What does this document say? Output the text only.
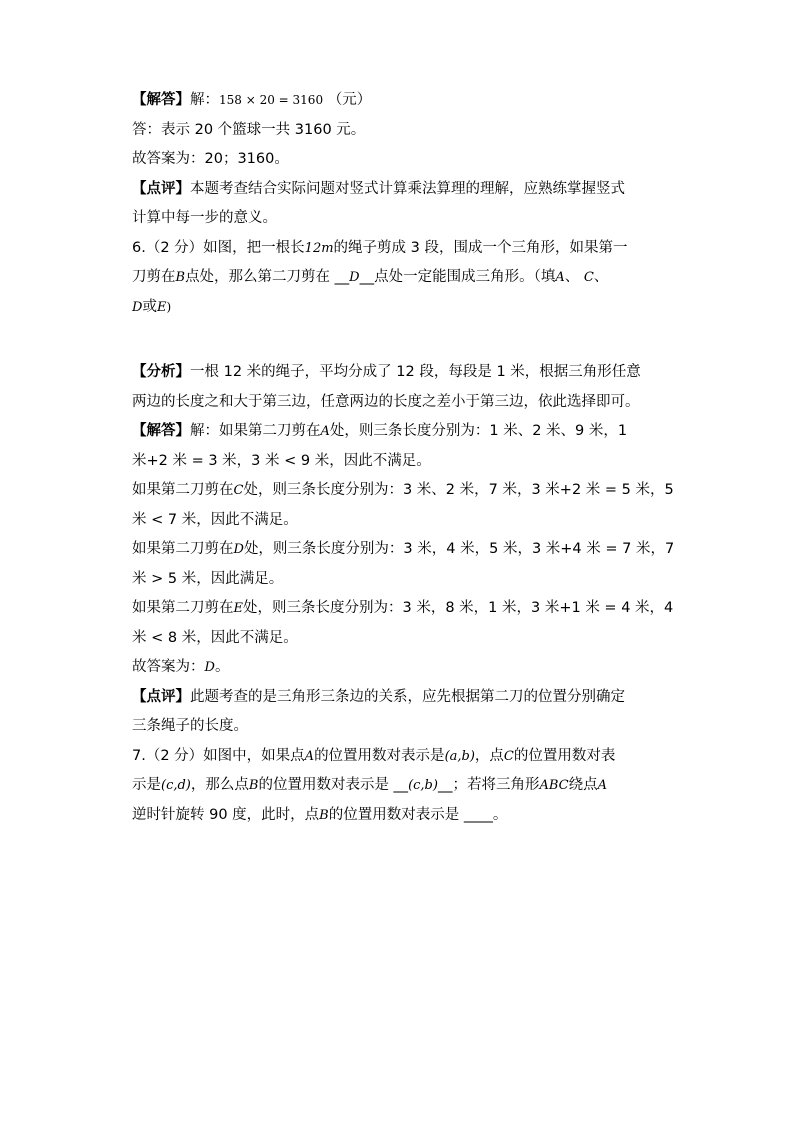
【解答】解：158 × 20 = 3160 （元）
答：表示 20 个篮球一共 3160 元。
故答案为：20；3160。
【点评】本题考查结合实际问题对竖式计算乘法算理的理解，应熟练掌握竖式
计算中每一步的意义。
6.（2 分）如图，把一根长12m的绳子剪成 3 段，围成一个三角形，如果第一
刀剪在B点处，那么第二刀剪在 __D__点处一定能围成三角形。（填A、 C、
D或E)
【分析】一根 12 米的绳子，平均分成了 12 段，每段是 1 米，根据三角形任意
两边的长度之和大于第三边，任意两边的长度之差小于第三边，依此选择即可。
【解答】解：如果第二刀剪在A处，则三条长度分别为：1 米、2 米、9 米，1
米+2 米 = 3 米，3 米 < 9 米，因此不满足。
如果第二刀剪在C处，则三条长度分别为：3 米、2 米，7 米，3 米+2 米 = 5 米，5
米 < 7 米，因此不满足。
如果第二刀剪在D处，则三条长度分别为：3 米，4 米，5 米，3 米+4 米 = 7 米，7
米 > 5 米，因此满足。
如果第二刀剪在E处，则三条长度分别为：3 米，8 米，1 米，3 米+1 米 = 4 米，4
米 < 8 米，因此不满足。
故答案为：D。
【点评】此题考查的是三角形三条边的关系，应先根据第二刀的位置分别确定
三条绳子的长度。
7.（2 分）如图中，如果点A的位置用数对表示是(a,b)，点C的位置用数对表
示是(c,d)，那么点B的位置用数对表示是 __(c,b)__；若将三角形ABC绕点A
逆时针旋转 90 度，此时，点B的位置用数对表示是 ____。
